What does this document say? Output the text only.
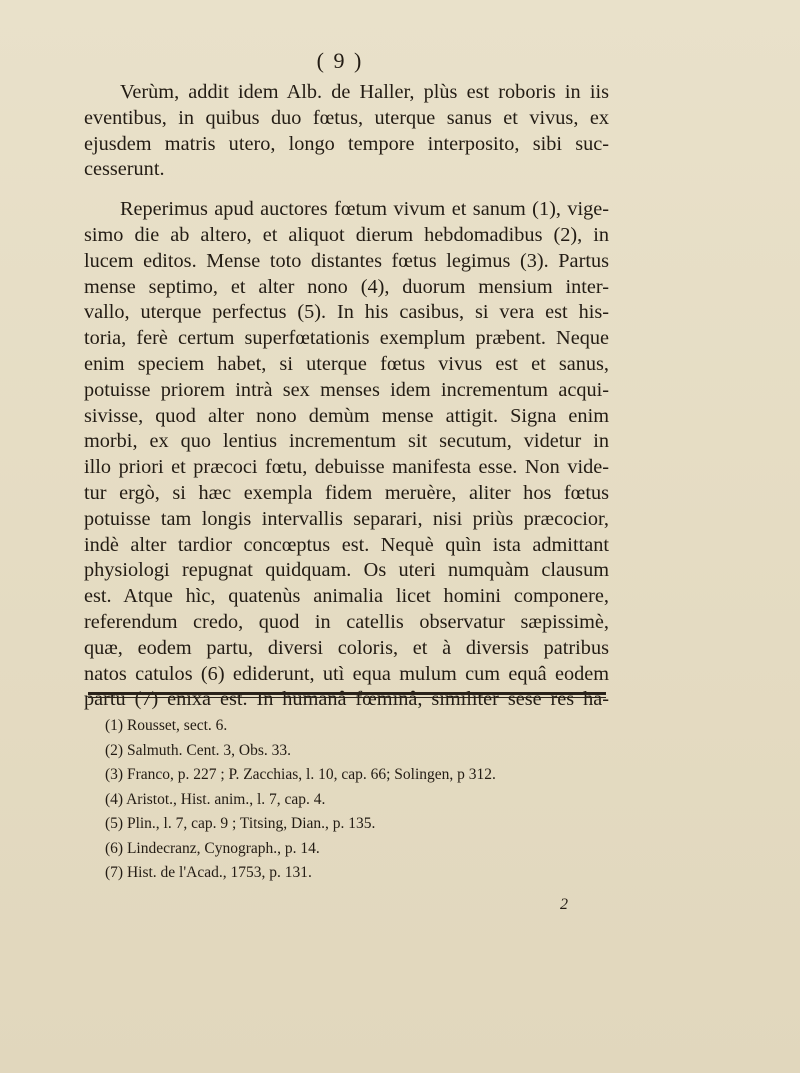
( 9 )

Verùm, addit idem Alb. de Haller, plùs est roboris in iis

eventibus, in quibus duo fœtus, uterque sanus et vivus, ex

ejusdem matris utero, longo tempore interposito, sibi suc-

cesserunt.

Reperimus apud auctores fœtum vivum et sanum (1), vige-

simo die ab altero, et aliquot dierum hebdomadibus (2), in

lucem editos. Mense toto distantes fœtus legimus (3). Partus

mense septimo, et alter nono (4), duorum mensium inter-

vallo, uterque perfectus (5). In his casibus, si vera est his-

toria, ferè certum superfœtationis exemplum præbent. Neque

enim speciem habet, si uterque fœtus vivus est et sanus,

potuisse priorem intrà sex menses idem incrementum acqui-

sivisse, quod alter nono demùm mense attigit. Signa enim

morbi, ex quo lentius incrementum sit secutum, videtur in

illo priori et præcoci fœtu, debuisse manifesta esse. Non vide-

tur ergò, si hæc exempla fidem meruère, aliter hos fœtus

potuisse tam longis intervallis separari, nisi priùs præcocior,

indè alter tardior concœptus est. Nequè quìn ista admittant

physiologi repugnat quidquam. Os uteri numquàm clausum

est. Atque hìc, quatenùs animalia licet homini componere,

referendum credo, quod in catellis observatur sæpissimè,

quæ, eodem partu, diversi coloris, et à diversis patribus

natos catulos (6) ediderunt, utì equa mulum cum equâ eodem

partu (7) enixa est. In humanâ fœminâ, similiter sese res ha-

(1) Rousset, sect. 6.
(2) Salmuth. Cent. 3, Obs. 33.
(3) Franco, p. 227 ; P. Zacchias, l. 10, cap. 66; Solingen, p 312.
(4) Aristot., Hist. anim., l. 7, cap. 4.
(5) Plin., l. 7, cap. 9 ; Titsing, Dian., p. 135.
(6) Lindecranz, Cynograph., p. 14.
(7) Hist. de l'Acad., 1753, p. 131.
2
